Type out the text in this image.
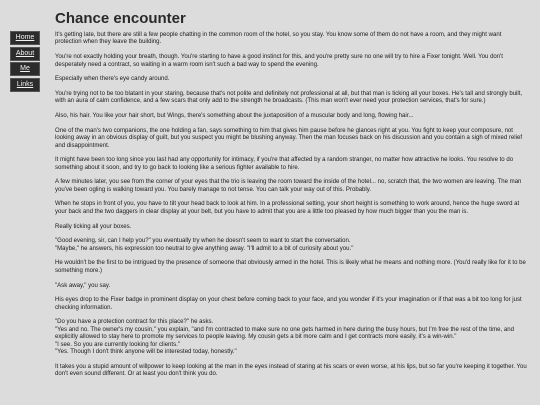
Home
About
Me
Links
Chance encounter

It's getting late, but there are still a few people chatting in the common room of the hotel, so you stay. You know some of them do not have a room, and they might want protection when they leave the building.

You're not exactly holding your breath, though. You're starting to have a good instinct for this, and you're pretty sure no one will try to hire a Fixer tonight. Well. You don't desperately need a contract, so waiting in a warm room isn't such a bad way to spend the evening.

Especially when there's eye candy around.

You're trying not to be too blatant in your staring, because that's not polite and definitely not professional at all, but that man is ticking all your boxes. He's tall and strongly built, with an aura of calm confidence, and a few scars that only add to the strength he broadcasts. (This man won't ever need your protection services, that's for sure.)

Also, his hair. You like your hair short, but Wings, there's something about the juxtaposition of a muscular body and long, flowing hair...

One of the man's two companions, the one holding a fan, says something to him that gives him pause before he glances right at you. You fight to keep your composure, not looking away in an obvious display of guilt, but you suspect you might be blushing anyway. Then the man focuses back on his discussion and you contain a sigh of mixed relief and disappointment.

It might have been too long since you last had any opportunity for intimacy, if you're that affected by a random stranger, no matter how attractive he looks. You resolve to do something about it soon, and try to go back to looking like a serious fighter available to hire.

A few minutes later, you see from the corner of your eyes that the trio is leaving the room toward the inside of the hotel... no, scratch that, the two women are leaving. The man you've been ogling is walking toward you. You barely manage to not tense. You can talk your way out of this. Probably.

When he stops in front of you, you have to tilt your head back to look at him. In a professional setting, your short height is something to work around, hence the huge sword at your back and the two daggers in clear display at your belt, but you have to admit that you are a little too pleased by how much bigger than you the man is.

Really ticking all your boxes.

"Good evening, sir, can I help you?" you eventually try when he doesn't seem to want to start the conversation.
"Maybe," he answers, his expression too neutral to give anything away. "I'll admit to a bit of curiosity about you."

He wouldn't be the first to be intrigued by the presence of someone that obviously armed in the hotel. This is likely what he means and nothing more. (You'd really like for it to be something more.)

"Ask away," you say.

His eyes drop to the Fixer badge in prominent display on your chest before coming back to your face, and you wonder if it's your imagination or if that was a bit too long for just checking information.

"Do you have a protection contract for this place?" he asks.
"Yes and no. The owner's my cousin," you explain, "and I'm contracted to make sure no one gets harmed in here during the busy hours, but I'm free the rest of the time, and explicitly allowed to stay here to promote my services to people leaving. My cousin gets a bit more calm and I get contracts more easily, it's a win-win."
"I see. So you are currently looking for clients."
"Yes. Though I don't think anyone will be interested today, honestly."

It takes you a stupid amount of willpower to keep looking at the man in the eyes instead of staring at his scars or even worse, at his lips, but so far you're keeping it together. You don't even sound different. Or at least you don't think you do.
